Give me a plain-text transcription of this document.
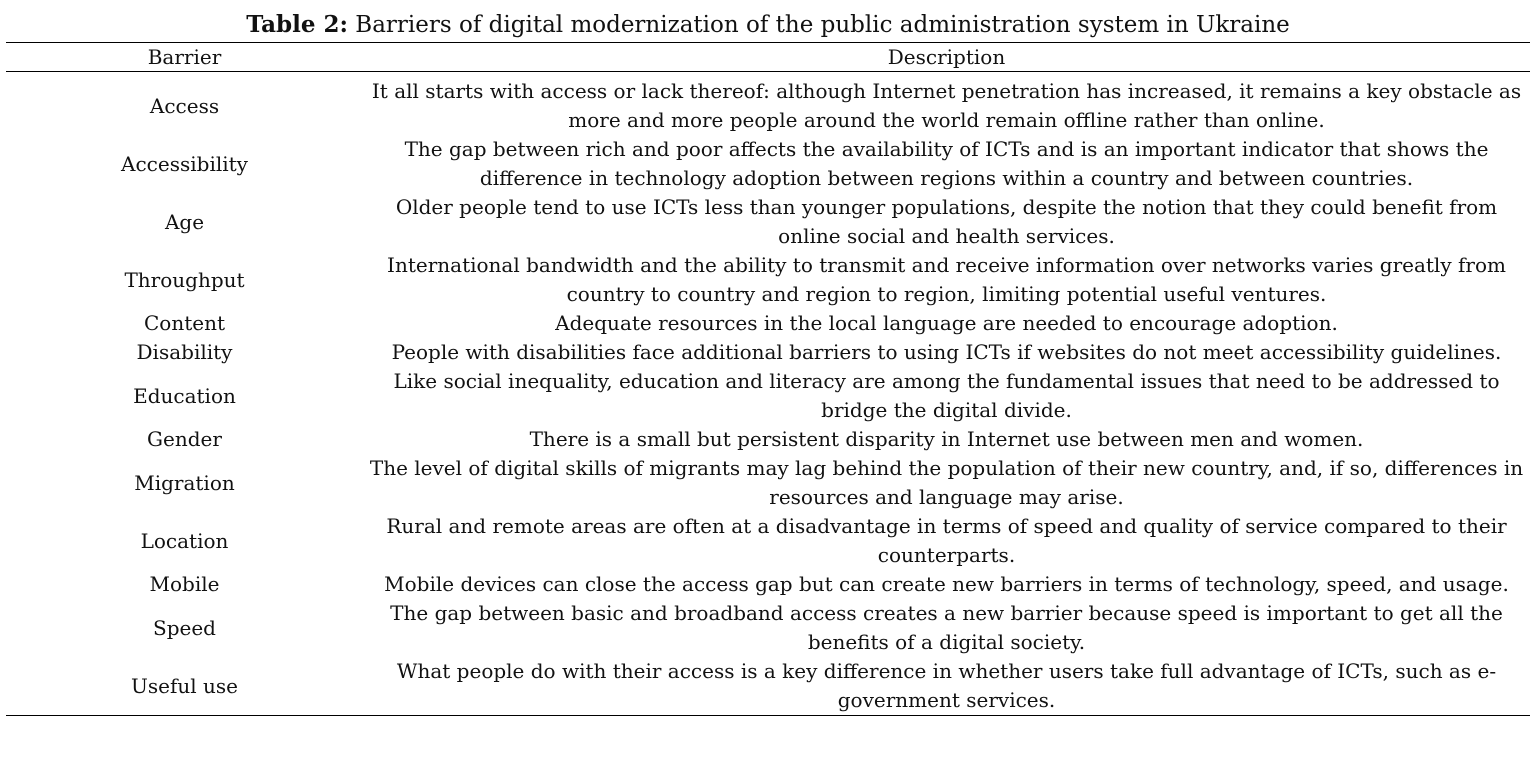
Table 2: Barriers of digital modernization of the public administration system in Ukraine
Barrier	Description
Access	It all starts with access or lack thereof: although Internet penetration has increased, it remains a key obstacle as more and more people around the world remain offline rather than online.
Accessibility	The gap between rich and poor affects the availability of ICTs and is an important indicator that shows the difference in technology adoption between regions within a country and between countries.
Age	Older people tend to use ICTs less than younger populations, despite the notion that they could benefit from online social and health services.
Throughput	International bandwidth and the ability to transmit and receive information over networks varies greatly from country to country and region to region, limiting potential useful ventures.
Content	Adequate resources in the local language are needed to encourage adoption.
Disability	People with disabilities face additional barriers to using ICTs if websites do not meet accessibility guidelines.
Education	Like social inequality, education and literacy are among the fundamental issues that need to be addressed to bridge the digital divide.
Gender	There is a small but persistent disparity in Internet use between men and women.
Migration	The level of digital skills of migrants may lag behind the population of their new country, and, if so, differences in resources and language may arise.
Location	Rural and remote areas are often at a disadvantage in terms of speed and quality of service compared to their counterparts.
Mobile	Mobile devices can close the access gap but can create new barriers in terms of technology, speed, and usage.
Speed	The gap between basic and broadband access creates a new barrier because speed is important to get all the benefits of a digital society.
Useful use	What people do with their access is a key difference in whether users take full advantage of ICTs, such as e-government services.
